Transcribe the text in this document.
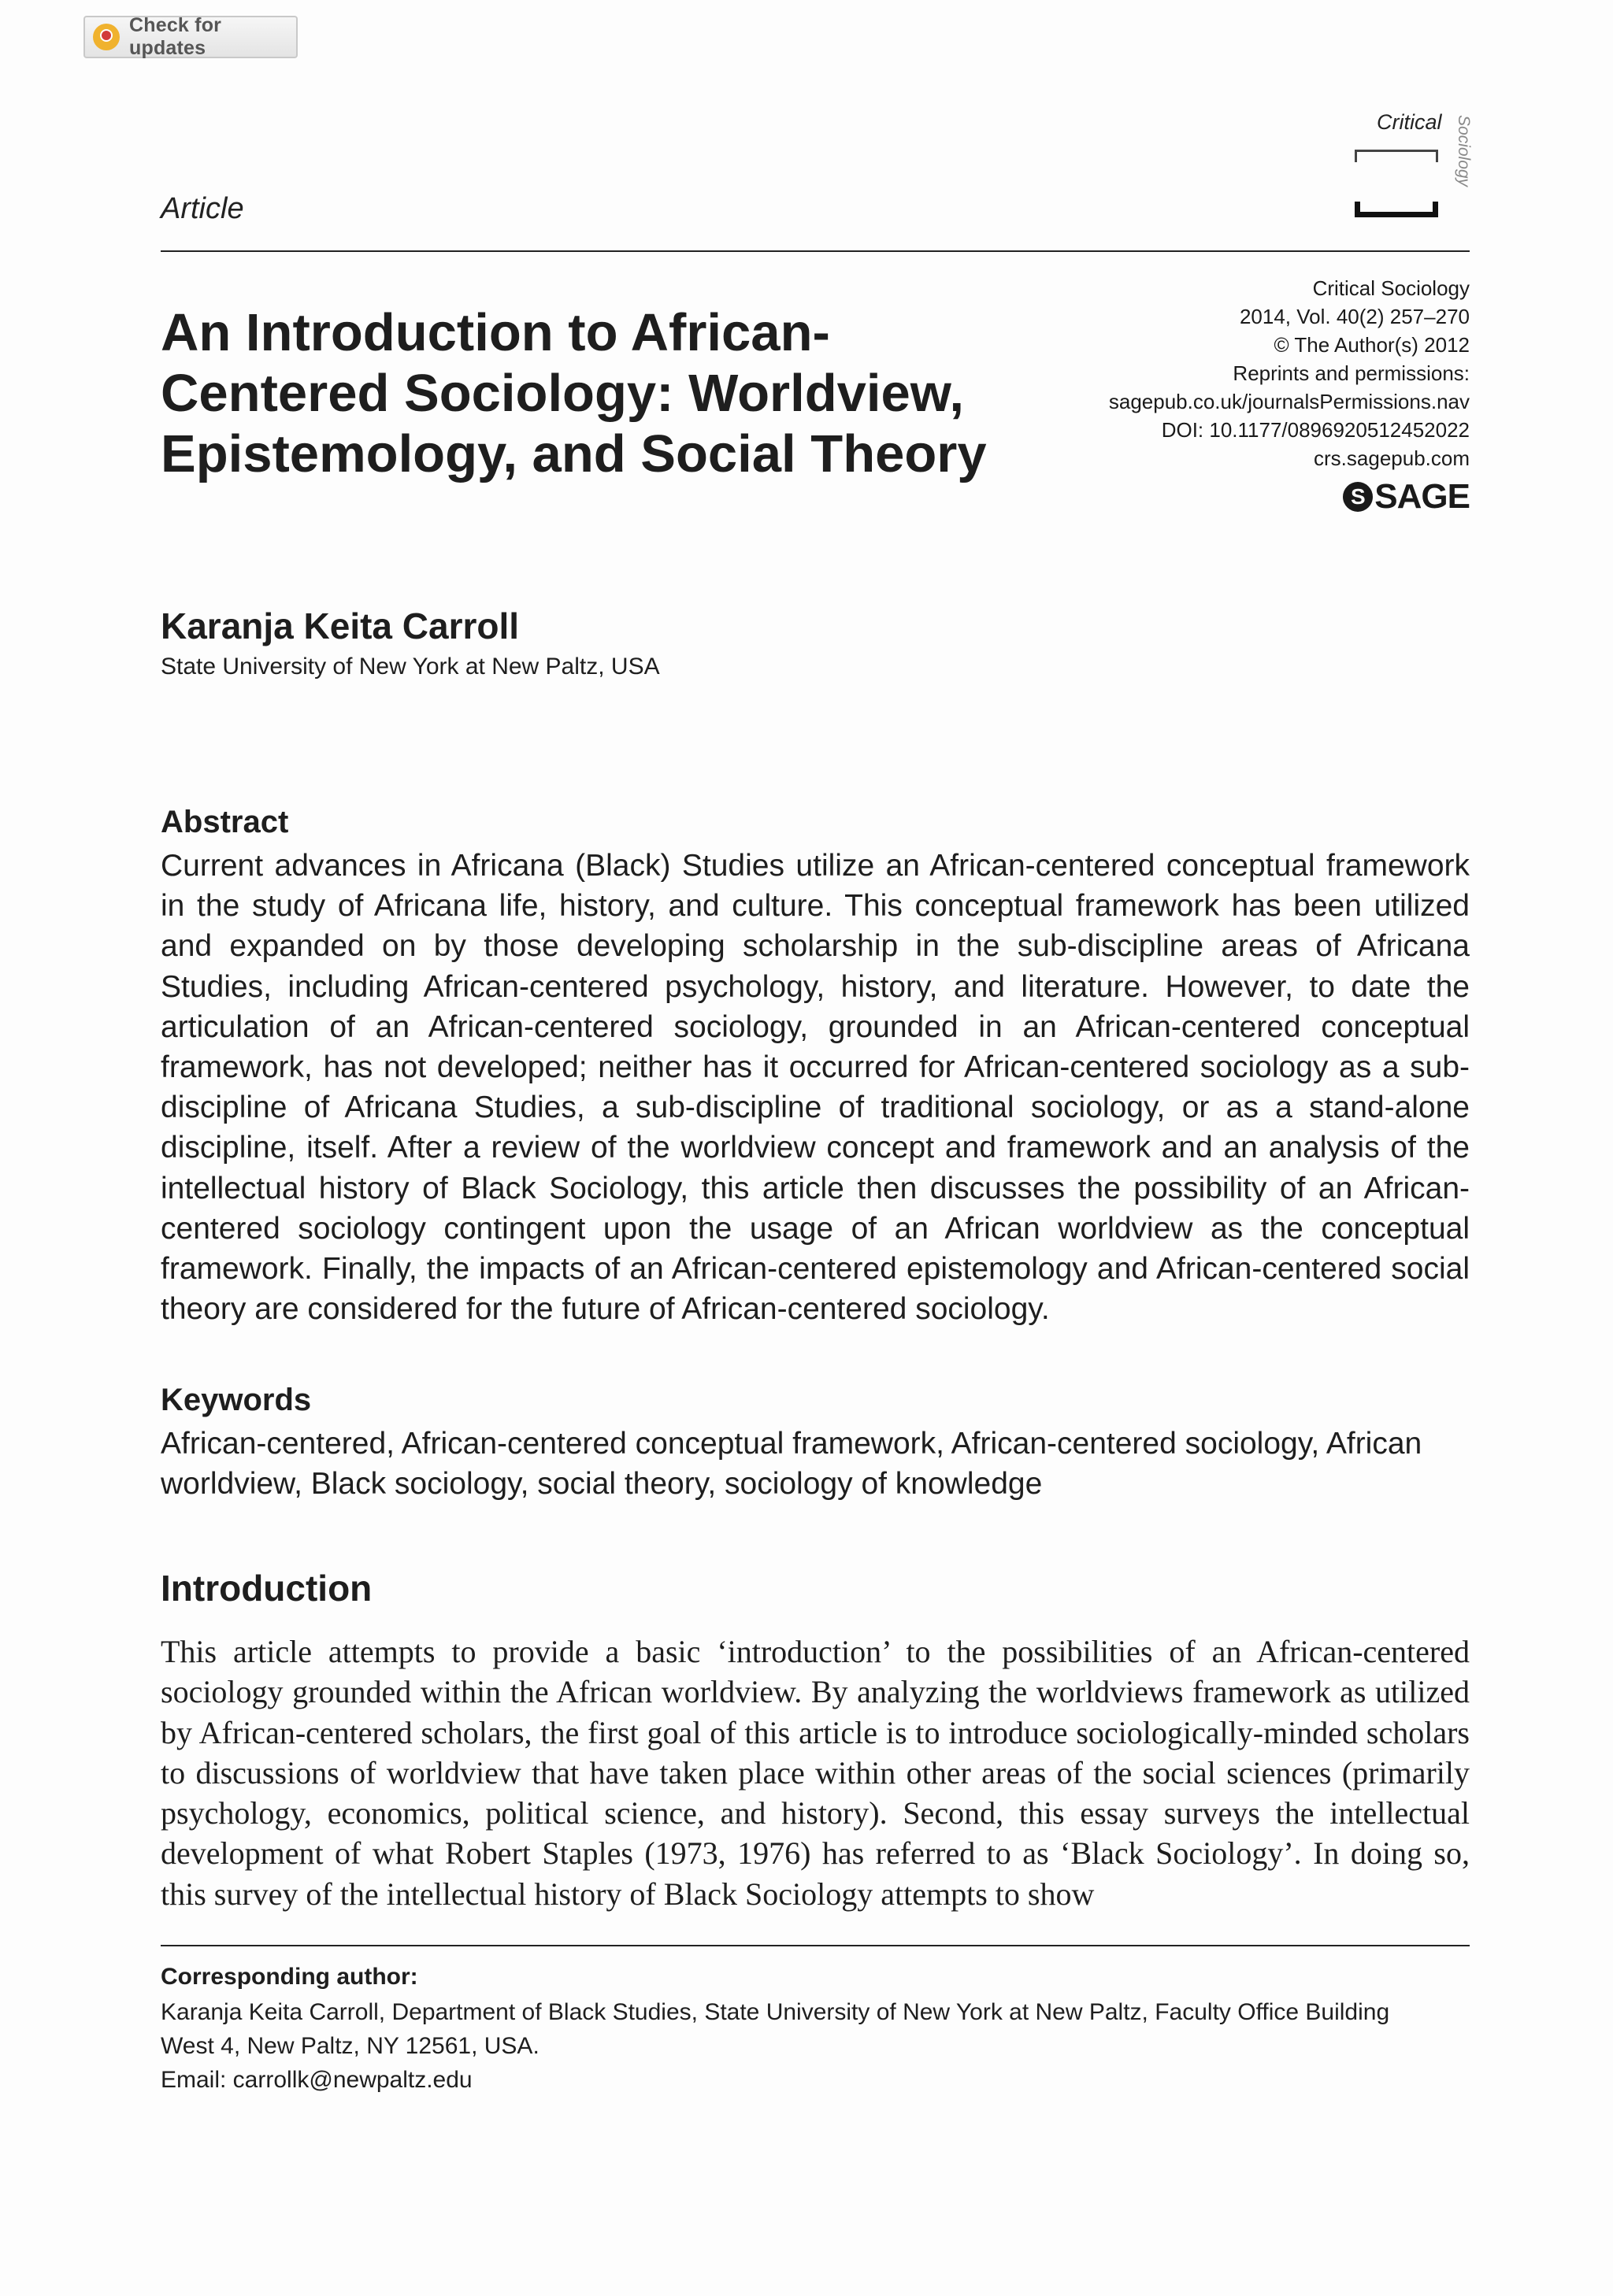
Check for updates
Critical Sociology
Article
An Introduction to African-
Centered Sociology: Worldview,
Epistemology, and Social Theory
Critical Sociology
2014, Vol. 40(2) 257–270
© The Author(s) 2012
Reprints and permissions:
sagepub.co.uk/journalsPermissions.nav
DOI: 10.1177/0896920512452022
crs.sagepub.com
S SAGE
Karanja Keita Carroll
State University of New York at New Paltz, USA
Abstract
Current advances in Africana (Black) Studies utilize an African-centered conceptual framework in the study of Africana life, history, and culture. This conceptual framework has been utilized and expanded on by those developing scholarship in the sub-discipline areas of Africana Studies, including African-centered psychology, history, and literature. However, to date the articulation of an African-centered sociology, grounded in an African-centered conceptual framework, has not developed; neither has it occurred for African-centered sociology as a sub-discipline of Africana Studies, a sub-discipline of traditional sociology, or as a stand-alone discipline, itself. After a review of the worldview concept and framework and an analysis of the intellectual history of Black Sociology, this article then discusses the possibility of an African-centered sociology contingent upon the usage of an African worldview as the conceptual framework. Finally, the impacts of an African-centered epistemology and African-centered social theory are considered for the future of African-centered sociology.
Keywords
African-centered, African-centered conceptual framework, African-centered sociology, African worldview, Black sociology, social theory, sociology of knowledge
Introduction
This article attempts to provide a basic ‘introduction’ to the possibilities of an African-centered sociology grounded within the African worldview. By analyzing the worldviews framework as utilized by African-centered scholars, the first goal of this article is to introduce sociologically-minded scholars to discussions of worldview that have taken place within other areas of the social sciences (primarily psychology, economics, political science, and history). Second, this essay surveys the intellectual development of what Robert Staples (1973, 1976) has referred to as ‘Black Sociology’. In doing so, this survey of the intellectual history of Black Sociology attempts to show
Corresponding author:
Karanja Keita Carroll, Department of Black Studies, State University of New York at New Paltz, Faculty Office Building
West 4, New Paltz, NY 12561, USA.
Email: carrollk@newpaltz.edu
